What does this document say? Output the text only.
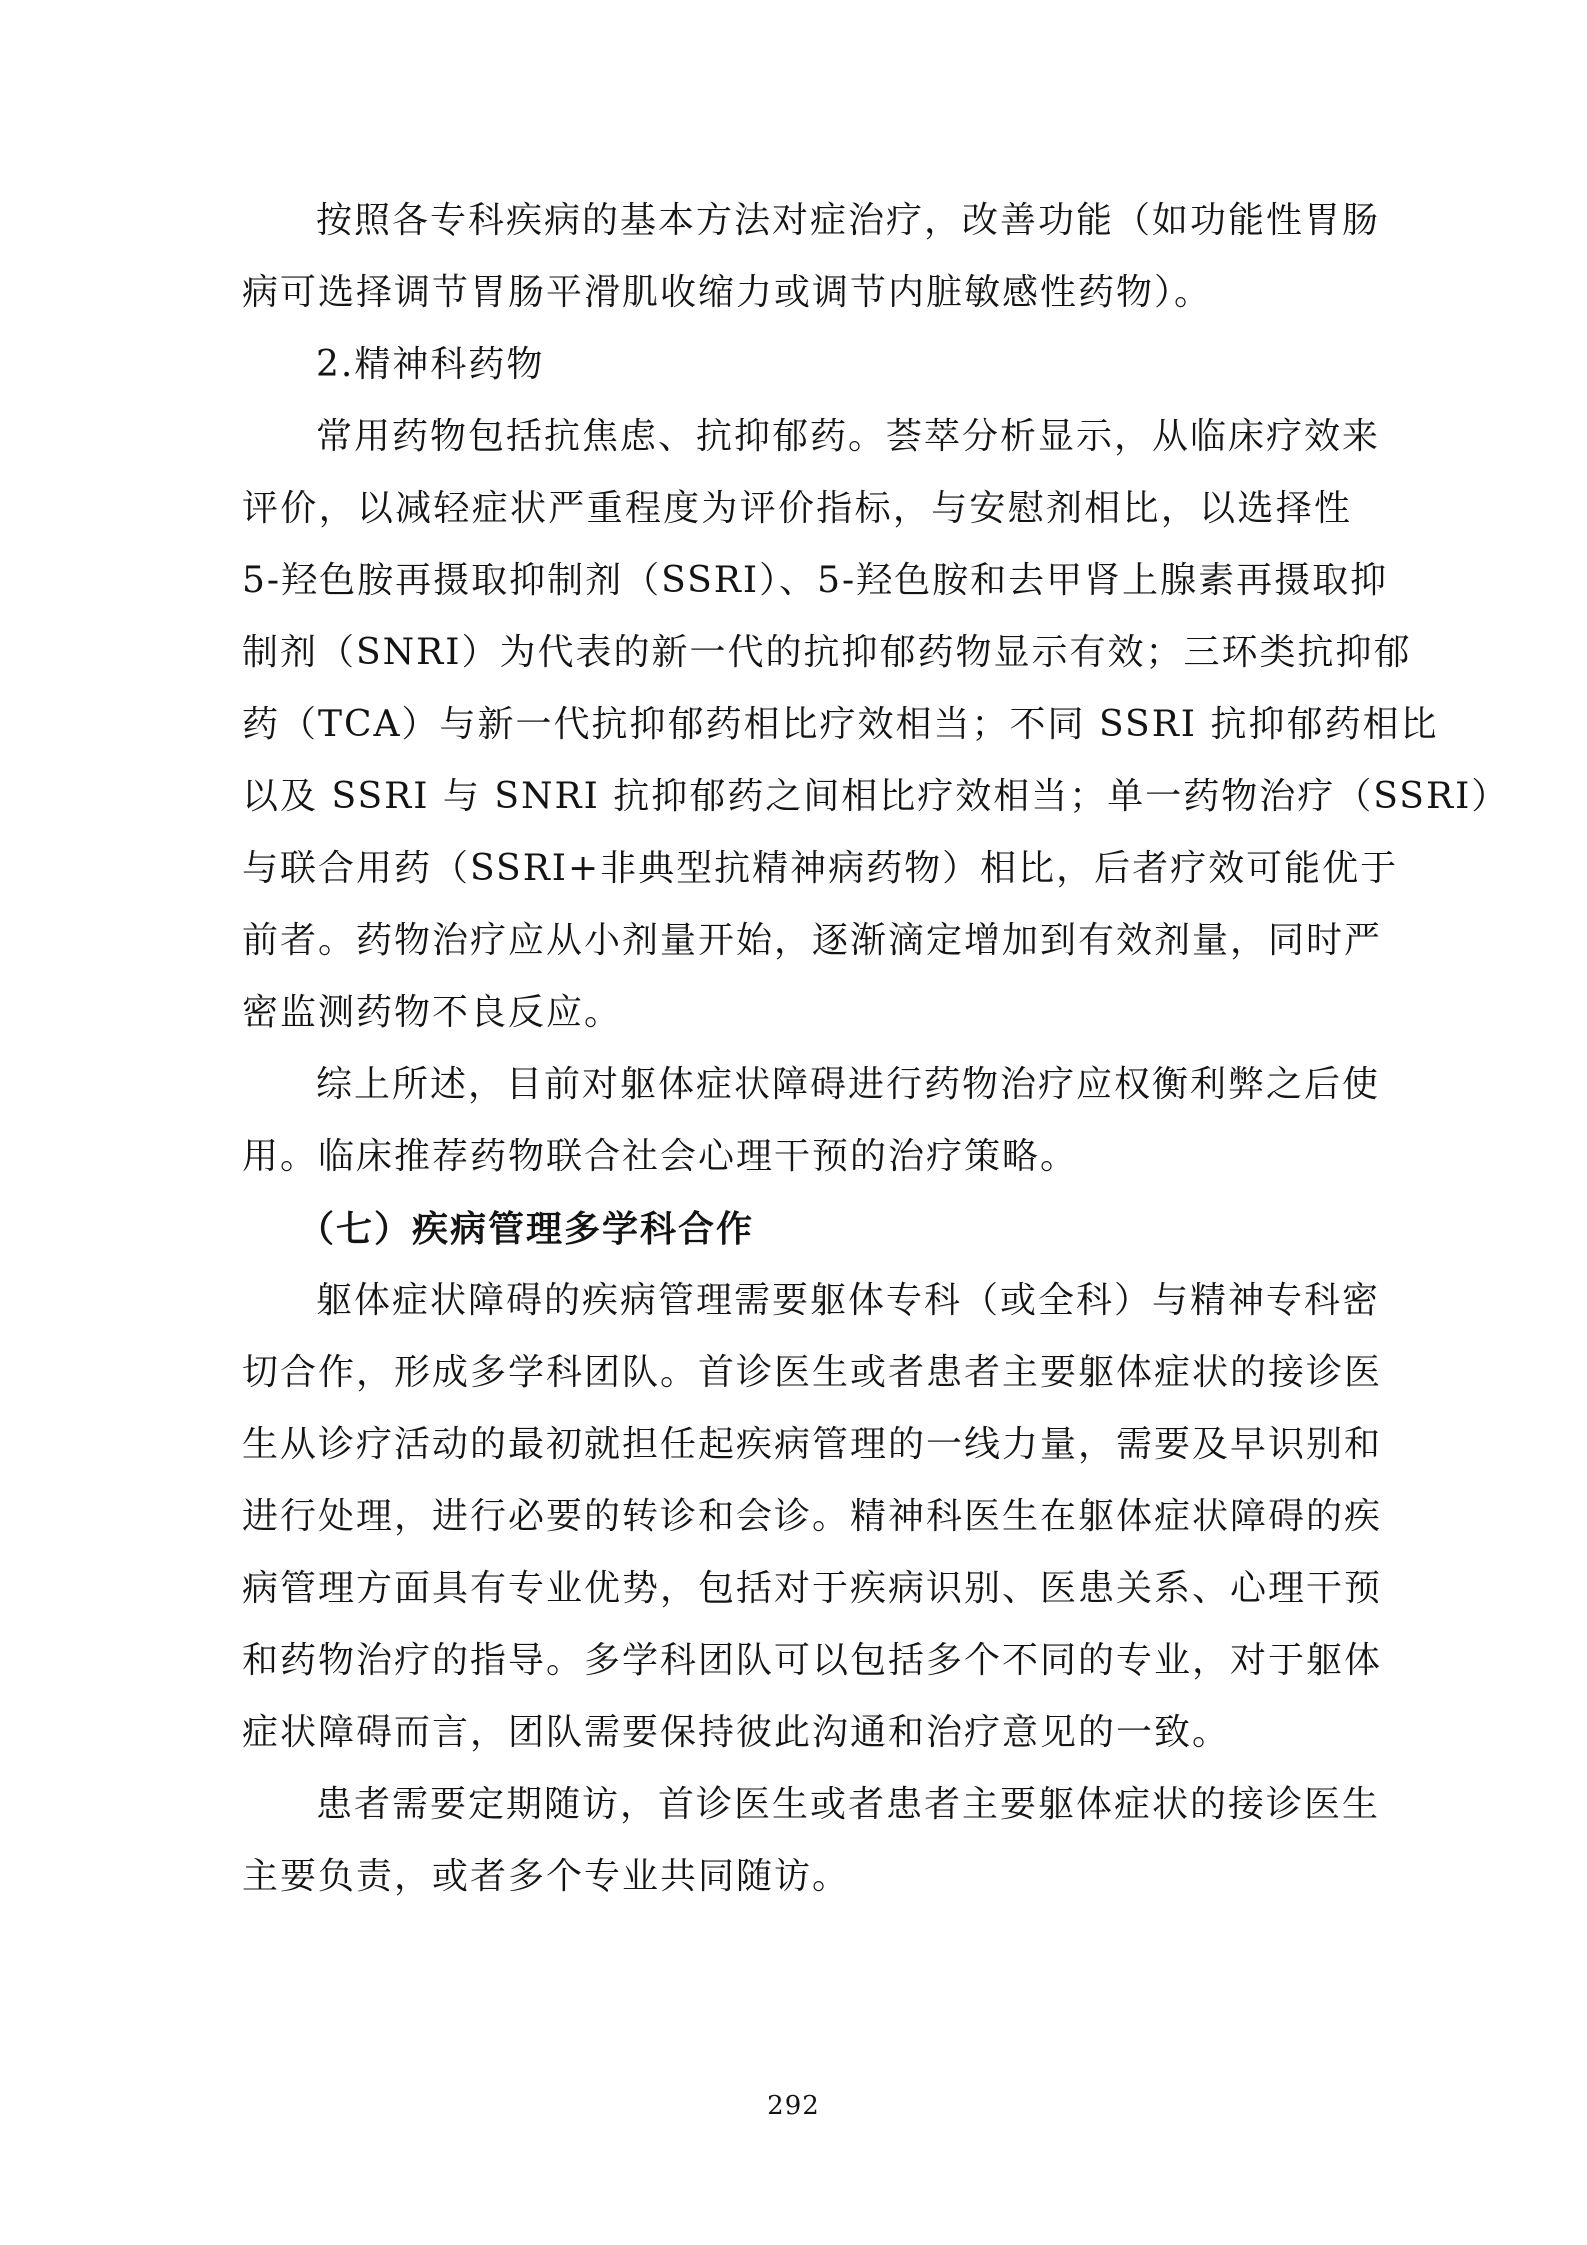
按照各专科疾病的基本方法对症治疗，改善功能（如功能性胃肠
病可选择调节胃肠平滑肌收缩力或调节内脏敏感性药物）。
2.精神科药物
常用药物包括抗焦虑、抗抑郁药。荟萃分析显示，从临床疗效来
评价，以减轻症状严重程度为评价指标，与安慰剂相比，以选择性
5-羟色胺再摄取抑制剂（SSRI）、5-羟色胺和去甲肾上腺素再摄取抑
制剂（SNRI）为代表的新一代的抗抑郁药物显示有效；三环类抗抑郁
药（TCA）与新一代抗抑郁药相比疗效相当；不同 SSRI 抗抑郁药相比
以及 SSRI 与 SNRI 抗抑郁药之间相比疗效相当；单一药物治疗（SSRI）
与联合用药（SSRI+非典型抗精神病药物）相比，后者疗效可能优于
前者。药物治疗应从小剂量开始，逐渐滴定增加到有效剂量，同时严
密监测药物不良反应。
综上所述，目前对躯体症状障碍进行药物治疗应权衡利弊之后使
用。临床推荐药物联合社会心理干预的治疗策略。
（七）疾病管理多学科合作
躯体症状障碍的疾病管理需要躯体专科（或全科）与精神专科密
切合作，形成多学科团队。首诊医生或者患者主要躯体症状的接诊医
生从诊疗活动的最初就担任起疾病管理的一线力量，需要及早识别和
进行处理，进行必要的转诊和会诊。精神科医生在躯体症状障碍的疾
病管理方面具有专业优势，包括对于疾病识别、医患关系、心理干预
和药物治疗的指导。多学科团队可以包括多个不同的专业，对于躯体
症状障碍而言，团队需要保持彼此沟通和治疗意见的一致。
患者需要定期随访，首诊医生或者患者主要躯体症状的接诊医生
主要负责，或者多个专业共同随访。
292
